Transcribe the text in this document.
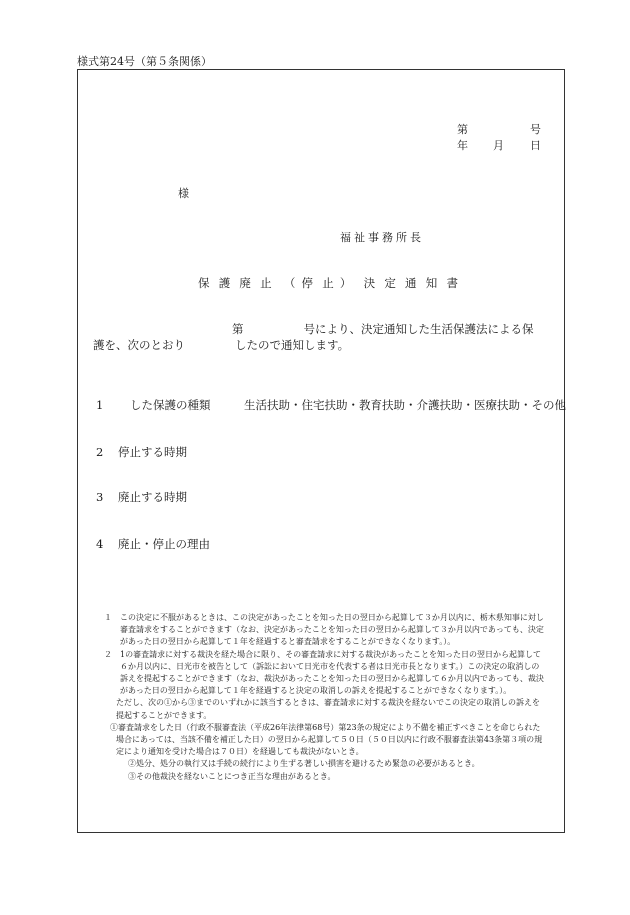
様式第24号（第５条関係）
第	号
年 月 日
様
福祉事務所長
保 護 廃 止 （ 停 止 ） 決 定 通 知 書
第	号により、決定通知した生活保護法による保
護を、次のとおり	したので通知します。
1 した保護の種類	生活扶助・住宅扶助・教育扶助・介護扶助・医療扶助・その他
2 停止する時期
3 廃止する時期
4 廃止・停止の理由

１　この決定に不服があるときは、この決定があったことを知った日の翌日から起算して３か月以内に、栃木県知事に対し審査請求をすることができます（なお、決定があったことを知った日の翌日から起算して３か月以内であっても、決定があった日の翌日から起算して１年を経過すると審査請求をすることができなくなります。）。

２　1の審査請求に対する裁決を経た場合に限り、その審査請求に対する裁決があったことを知った日の翌日から起算して６か月以内に、日光市を被告として（訴訟において日光市を代表する者は日光市長となります。）この決定の取消しの訴えを提起することができます（なお、裁決があったことを知った日の翌日から起算して６か月以内であっても、裁決があった日の翌日から起算して１年を経過すると決定の取消しの訴えを提起することができなくなります。）。

ただし、次の①から③までのいずれかに該当するときは、審査請求に対する裁決を経ないでこの決定の取消しの訴えを提起することができます。

①審査請求をした日（行政不服審査法（平成26年法律第68号）第23条の規定により不備を補正すべきことを命じられた場合にあっては、当該不備を補正した日）の翌日から起算して５０日（５０日以内に行政不服審査法第43条第３項の規定により通知を受けた場合は７０日）を経過しても裁決がないとき。

②処分、処分の執行又は手続の続行により生ずる著しい損害を避けるため緊急の必要があるとき。

③その他裁決を経ないことにつき正当な理由があるとき。
